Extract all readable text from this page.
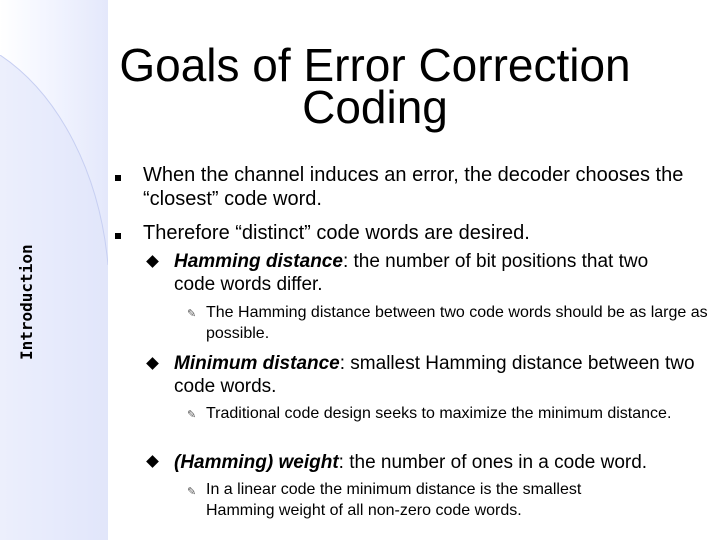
Introduction
Goals of Error Correction
Coding
When the channel induces an error, the decoder chooses the “closest” code word.
Therefore “distinct” code words are desired.
Hamming distance: the number of bit positions that two code words differ.
✎ The Hamming distance between two code words should be as large as possible.
Minimum distance: smallest Hamming distance between two code words.
✎ Traditional code design seeks to maximize the minimum distance.
(Hamming) weight: the number of ones in a code word.
✎ In a linear code the minimum distance is the smallest Hamming weight of all non-zero code words.
